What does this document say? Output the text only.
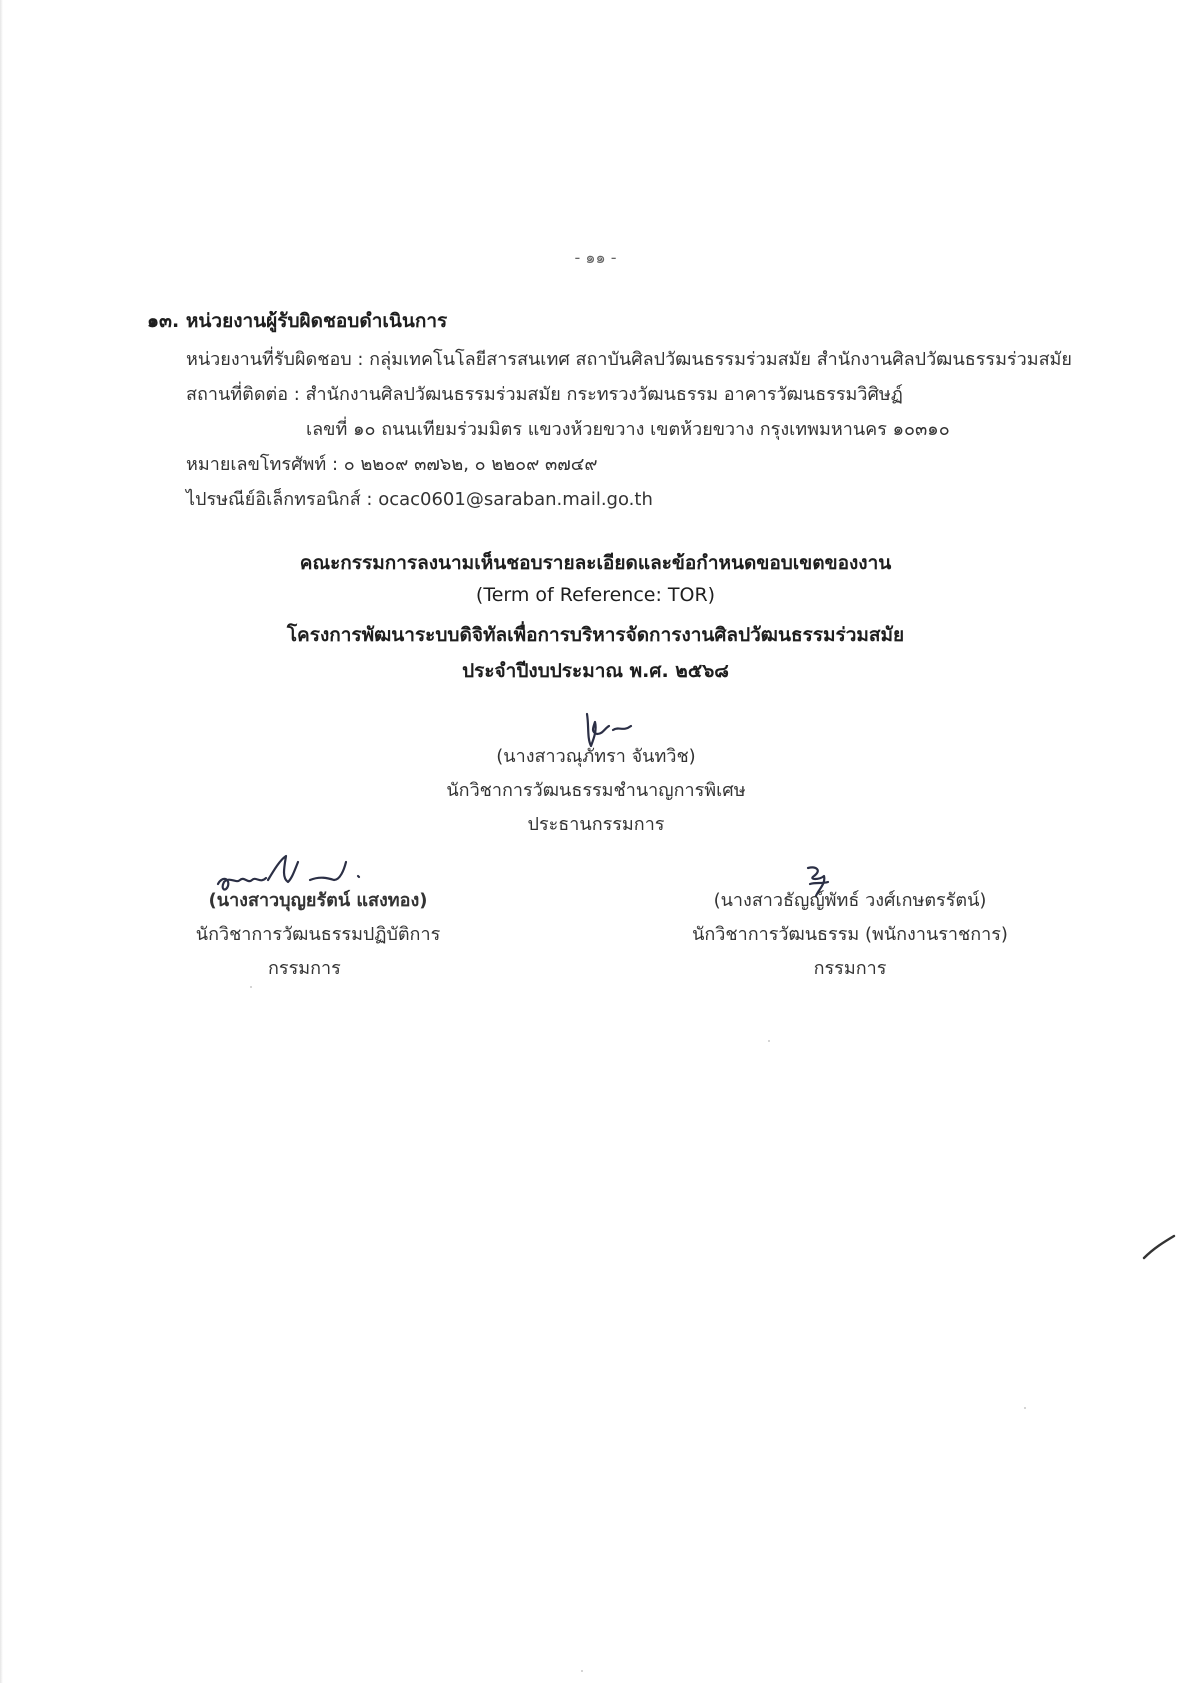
- ๑๑ -
๑๓. หน่วยงานผู้รับผิดชอบดำเนินการ
หน่วยงานที่รับผิดชอบ : กลุ่มเทคโนโลยีสารสนเทศ สถาบันศิลปวัฒนธรรมร่วมสมัย สำนักงานศิลปวัฒนธรรมร่วมสมัย
สถานที่ติดต่อ : สำนักงานศิลปวัฒนธรรมร่วมสมัย กระทรวงวัฒนธรรม อาคารวัฒนธรรมวิศิษฏ์
เลขที่ ๑๐ ถนนเทียมร่วมมิตร แขวงห้วยขวาง เขตห้วยขวาง กรุงเทพมหานคร ๑๐๓๑๐
หมายเลขโทรศัพท์ : ๐ ๒๒๐๙ ๓๗๖๒, ๐ ๒๒๐๙ ๓๗๔๙
ไปรษณีย์อิเล็กทรอนิกส์ : ocac0601@saraban.mail.go.th
คณะกรรมการลงนามเห็นชอบรายละเอียดและข้อกำหนดขอบเขตของงาน
(Term of Reference: TOR)
โครงการพัฒนาระบบดิจิทัลเพื่อการบริหารจัดการงานศิลปวัฒนธรรมร่วมสมัย
ประจำปีงบประมาณ พ.ศ. ๒๕๖๘
(นางสาวณุภัทรา จันทวิช)
นักวิชาการวัฒนธรรมชำนาญการพิเศษ
ประธานกรรมการ
(นางสาวบุญยรัตน์ แสงทอง)
นักวิชาการวัฒนธรรมปฏิบัติการ
กรรมการ
(นางสาวธัญญ์พัทธ์ วงศ์เกษตรรัตน์)
นักวิชาการวัฒนธรรม (พนักงานราชการ)
กรรมการ
